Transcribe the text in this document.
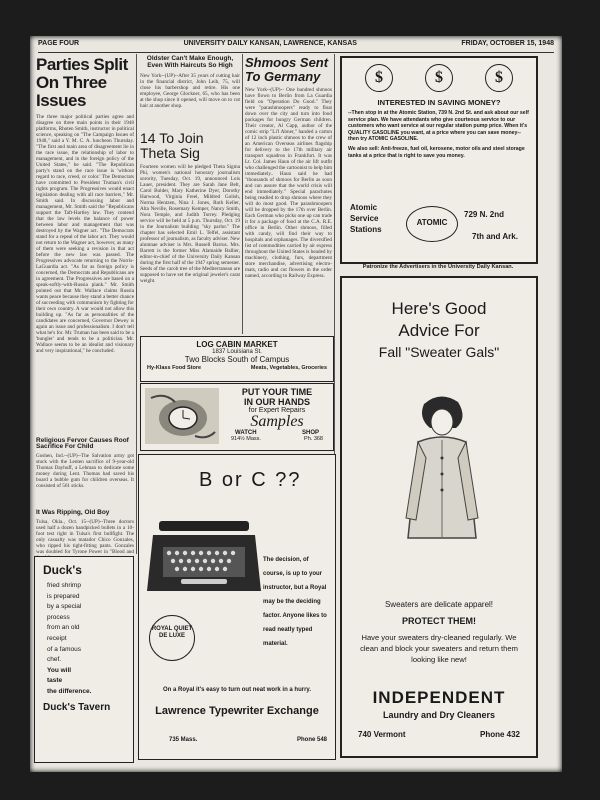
PAGE FOUR	UNIVERSITY DAILY KANSAN, LAWRENCE, KANSAS	FRIDAY, OCTOBER 15, 1948
Parties Split On Three Issues
The three major political parties agree and disagree on three main points in their 1948 platforms, Rhoten Smith, instructor in political science, speaking on "The Campaign Issues of 1948," said a Y. M. C. A. luncheon Thursday. "The first and main area of disagreement lie in the race issue, the relationship of labor to management, and in the foreign policy of the United States," he said. "The Republican party's stand on the race issue is 'without regard to race, creed, or color.' The Democrats have committed to President Truman's civil rights program. The Progressives would enact legislation dealing with all race barriers," Mr. Smith said. In discussing labor and management, Mr. Smith said the "Republicans support the Taft-Hartley law. They contend that the law levels the balance of power between labor and management that was destroyed by the Wagner act. "The Democrats stand for a repeal of the labor act. They would not return to the Wagner act, however, as many of them were seeking a revision in that act before the new law was passed. The Progressives advocate returning to the Norris-LaGuardia act. "As far as foreign policy is concerned, the Democrats and Republicans are in agreement. The Progressives are based on a speak-softly-with-Russia plank." Mr. Smith pointed out that Mr. Wallace claims Russia wants peace because they stand a better chance of succeeding with communism by fighting for their own country. A war would not allow this building up. "As far as personalities of the candidates are concerned, Governor Dewey is again an issue and professionalism. I don't tell what he's for. Mr. Truman has been said to be a 'bungler' and tends to be a politician. Mr. Wallace seems to be an idealist and visionary and very inspirational," he concluded.
Religious Fervor Causes Roof Sacrifice For Child
Goshen, Ind.--(UP)--The Salvation army got stuck with the Lenten sacrifice of 9-year-old Thomas Dayhuff, a Lehman to dedicate some money during Lent. Thomas had saved his board a bubble gum for children overseas. It consisted of 561 sticks.
It Was Ripping, Old Boy
Tulsa, Okla., Oct. 15--(UP)--Three doctors used half a dozen handpicked bullets in a 10-foot test right in Tulsa's first bullfight. The only casualty was matador Chico Gonzales, who ripped his tight-fitting pants. Gonzales was doubled for Tyrone Power in "Blood and
Duck's
fried shrimp
is prepared
by a special
process
from an old
receipt
of a famous
chef.
You will
taste
the difference.
Duck's Tavern
Oldster Can't Make Enough, Even With Haircuts So High
New York--(UP)--After 35 years of cutting hair in the financial district, John Leib, 75, will close his barbershop and retire. His one employee, George Glockner, 65, who has been at the shop since it opened, will move on to cut hair at another shop.
14 To Join Theta Sig
Fourteen women will be pledged Theta Sigma Phi, women's national honorary journalism sorority, Tuesday, Oct. 19, announced Lois Lauer, president. They are Sarah Jane Belt, Carol Bulder, Mary Katherine Dyer, Dorothy Harwood, Virginia Freel, Mildred Golish, Norma Hentzen, Nina J. Jones, Ruth Keller, Alta Neville, Rosemary Kemper, Nancy Smith, Nora Temple, and Judith Torrey. Pledging service will be held at 5 p.m. Thursday, Oct. 19 in the Journalism building "sky parlor." The chapter has selected Emil L. Telfel, assistant professor of journalism, as faculty adviser. New alumnae adviser is Mrs. Russell Barrus. Mrs. Barrett is the former Miss Alamaide Ballier, editor-in-chief of the University Daily Kansan during the first half of the 1947 spring semester. Seeds of the carob tree of the Mediterranean are supposed to have set the original jeweler's carat weight.
Shmoos Sent To Germany
New York--(UP)-- One hundred shmoos have flown to Berlin from La Guardia field on "Operation Do Good." They were "parashmoopers" ready to float down over the city and turn into food packages for hungry German children. Their creator, Al Capp, author of the comic strip "Li'l Abner," handed a carton of 12 inch plastic shmoos to the crew of an American Overseas airlines flagship for delivery to the 17th military air transport squadron in Frankfurt. It was Lt. Col. James Haun of the air lift outfit who challenged the cartoonist to help him immediately.. Haun said he had "thousands of shmoos for Berlin as soon and can assure that the world crisis will end immediately." Special parachutes being readied to drop shmoos where they will do most good. The parashmoopers will be dropped by the 17th over Berlin. Each German who picks one up can trade it for a package of food at the C.A. R.E. office in Berlin. Other shmoos, filled with candy, will find their way to hospitals and orphanages. The diversified list of commodities carried by air express throughout the United States is headed by machinery, clothing, furs, department store merchandise, advertising electro-mats, radio and cut flowers in the order named, according to Railway Express.
LOG CABIN MARKET
1837 Louisiana St.
Two Blocks South of Campus
Hy-Klass Food Store	Meats, Vegetables, Groceries
PUT YOUR TIME
IN OUR HANDS
for Expert Repairs
Samples
WATCH	SHOP
914½ Mass.	Ph. 368
B or C ??
ROYAL QUIET DE LUXE
The decision, of course, is up to your instructor, but a Royal may be the deciding factor. Anyone likes to read neatly typed material.
On a Royal it's easy to turn out neat work in a hurry.
Lawrence Typewriter Exchange
735 Mass.	Phone 548
$	$	$
INTERESTED IN SAVING MONEY?
--Then stop in at the Atomic Station, 739 N. 2nd St. and ask about our self service plan. We have attendants who give courteous service to our customers who want service at our regular station pump price. When it's QUALITY GASOLINE you want, at a price where you can save money--then try ATOMIC GASOLINE.
We also sell: Anti-freeze, fuel oil, kerosene, motor oils and steel storage tanks at a price that is right to save you money.
Atomic
Service
Stations
ATOMIC
729 N. 2nd
7th and Ark.
Patronize the Advertisers in the University Daily Kansan.
Here's Good
Advice For
Fall "Sweater Gals"
Sweaters are delicate apparel!
PROTECT THEM!
Have your sweaters dry-cleaned regularly. We clean and block your sweaters and return them looking like new!
INDEPENDENT
Laundry and Dry Cleaners
740 Vermont	Phone 432
